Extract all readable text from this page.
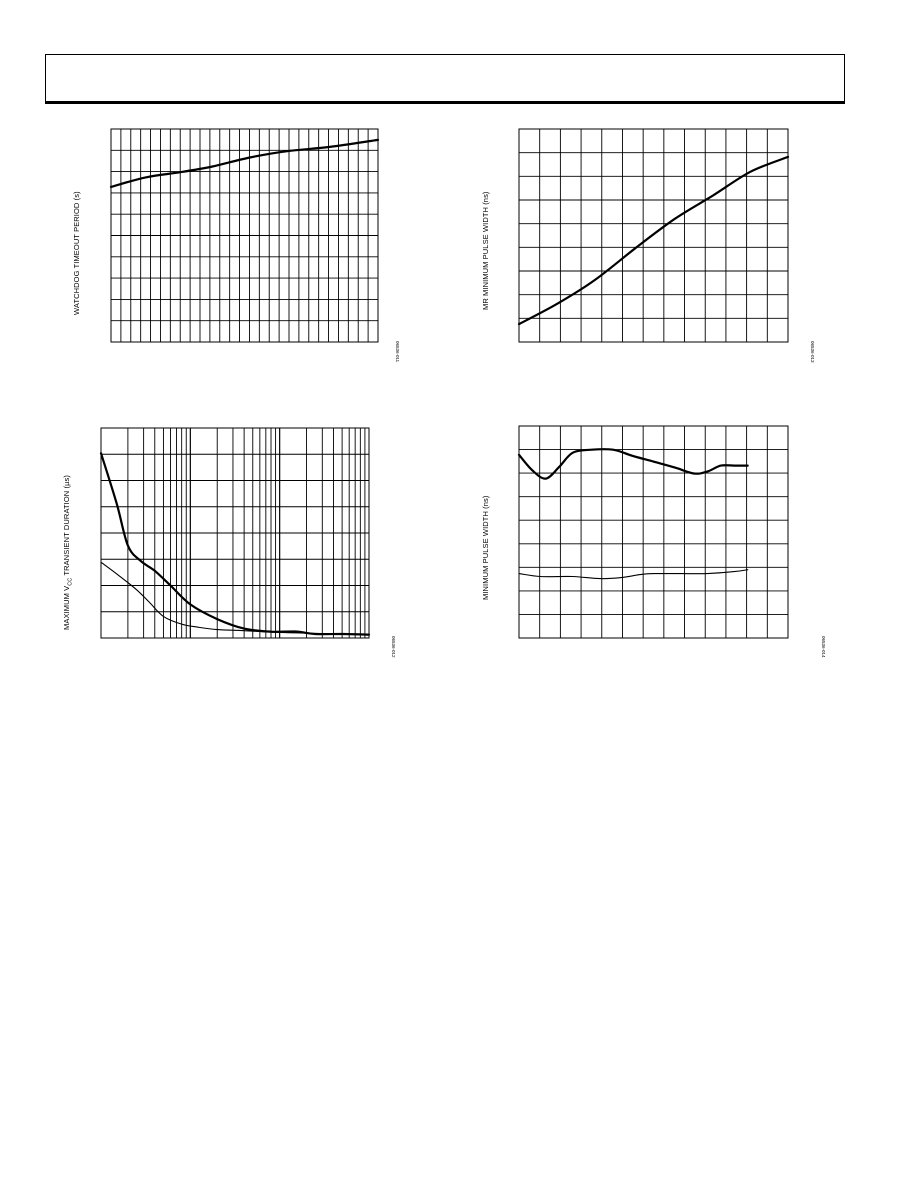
WATCHDOG TIMEOUT PERIOD (s)
06536-011
MR MINIMUM PULSE WIDTH (ns)
06536-013
MAXIMUM $V_{CC}$ TRANSIENT DURATION (µs)
06536-012
MINIMUM PULSE WIDTH (ns)
06536-014
